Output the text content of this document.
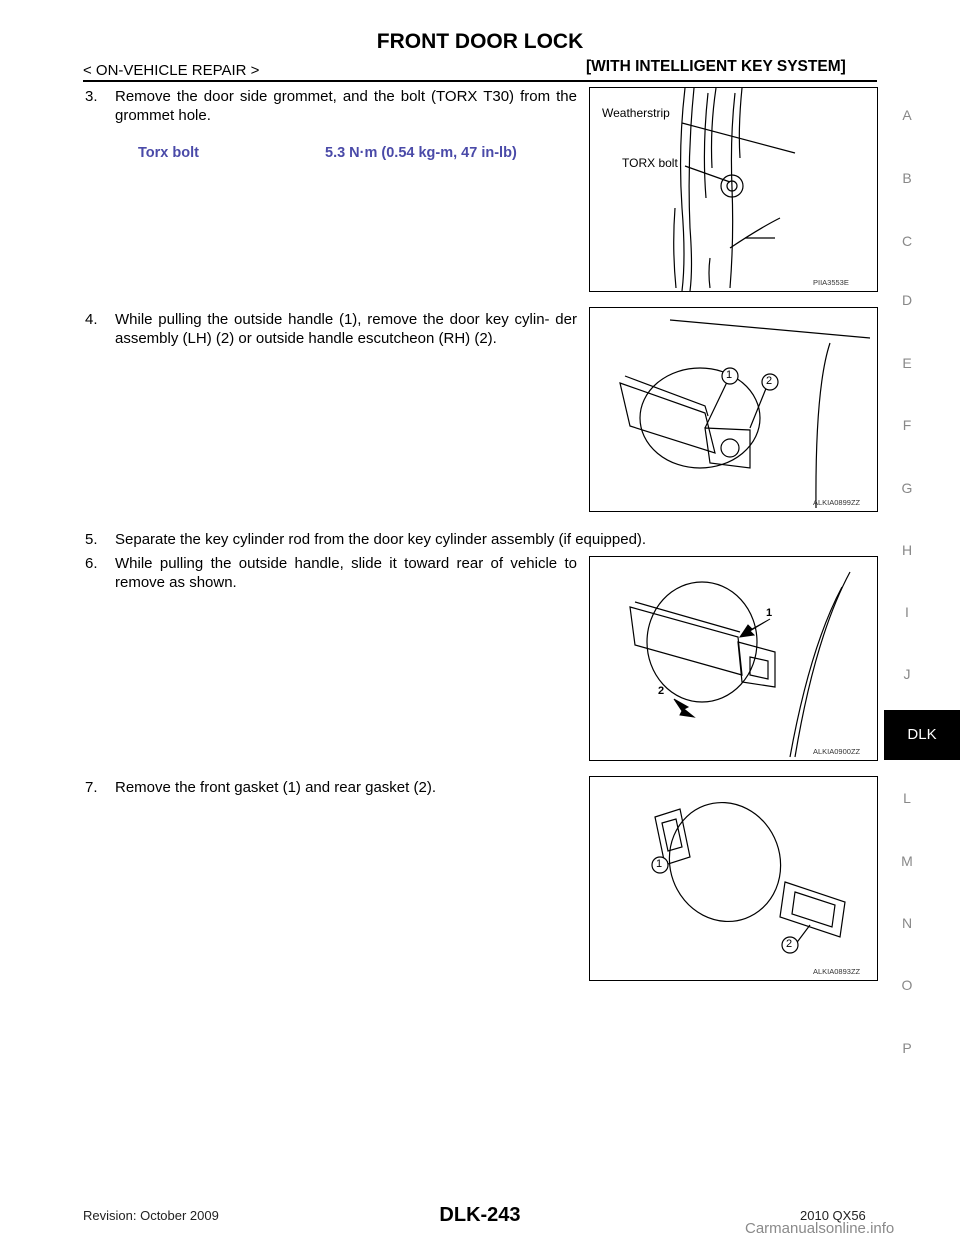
FRONT DOOR LOCK
< ON-VEHICLE REPAIR >	[WITH INTELLIGENT KEY SYSTEM]
3.	Remove the door side grommet, and the bolt (TORX T30) from the grommet hole.
Torx bolt	5.3 N·m (0.54 kg-m, 47 in-lb)
Weatherstrip
TORX bolt
PIIA3553E
4.	While pulling the outside handle (1), remove the door key cylin- der assembly (LH) (2) or outside handle escutcheon (RH) (2).
1	2
ALKIA0899ZZ
5.	Separate the key cylinder rod from the door key cylinder assembly (if equipped).
6.	While pulling the outside handle, slide it toward rear of vehicle to remove as shown.
1
2
ALKIA0900ZZ
7.	Remove the front gasket (1) and rear gasket (2).
1
2
ALKIA0893ZZ
A
B
C
D
E
F
G
H
I
J
DLK
L
M
N
O
P
Revision: October 2009	DLK-243	2010 QX56
Carmanualsonline.info
